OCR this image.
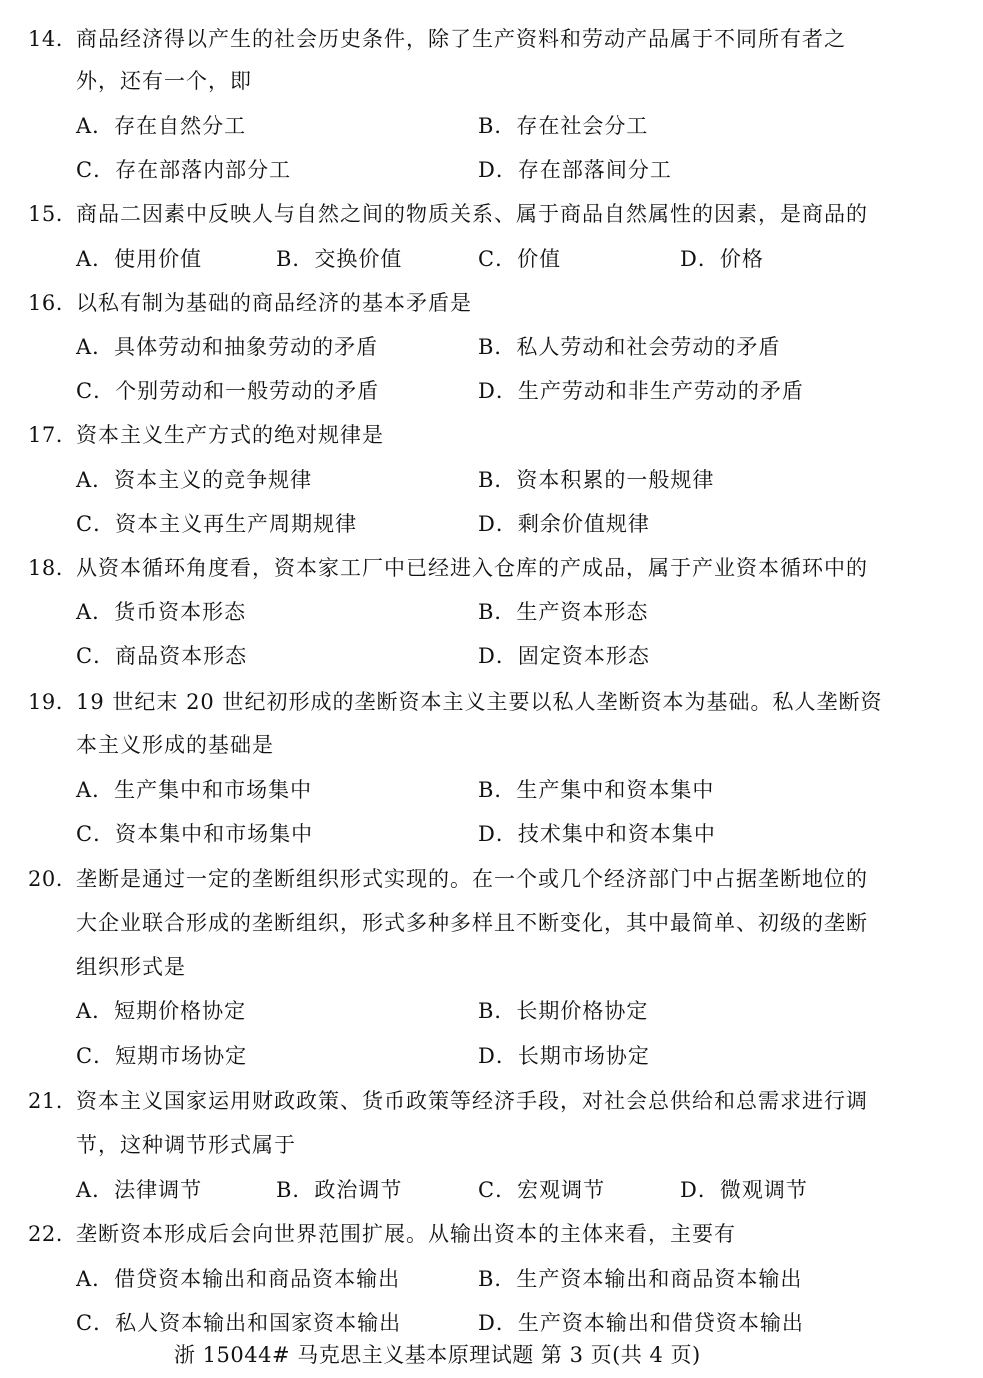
14. 商品经济得以产生的社会历史条件，除了生产资料和劳动产品属于不同所有者之
外，还有一个，即
A．存在自然分工	B．存在社会分工
C．存在部落内部分工	D．存在部落间分工
15. 商品二因素中反映人与自然之间的物质关系、属于商品自然属性的因素，是商品的
A．使用价值	B．交换价值	C．价值	D．价格
16. 以私有制为基础的商品经济的基本矛盾是
A．具体劳动和抽象劳动的矛盾	B．私人劳动和社会劳动的矛盾
C．个别劳动和一般劳动的矛盾	D．生产劳动和非生产劳动的矛盾
17. 资本主义生产方式的绝对规律是
A．资本主义的竞争规律	B．资本积累的一般规律
C．资本主义再生产周期规律	D．剩余价值规律
18. 从资本循环角度看，资本家工厂中已经进入仓库的产成品，属于产业资本循环中的
A．货币资本形态	B．生产资本形态
C．商品资本形态	D．固定资本形态
19. 19 世纪末 20 世纪初形成的垄断资本主义主要以私人垄断资本为基础。私人垄断资
本主义形成的基础是
A．生产集中和市场集中	B．生产集中和资本集中
C．资本集中和市场集中	D．技术集中和资本集中
20. 垄断是通过一定的垄断组织形式实现的。在一个或几个经济部门中占据垄断地位的
大企业联合形成的垄断组织，形式多种多样且不断变化，其中最简单、初级的垄断
组织形式是
A．短期价格协定	B．长期价格协定
C．短期市场协定	D．长期市场协定
21. 资本主义国家运用财政政策、货币政策等经济手段，对社会总供给和总需求进行调
节，这种调节形式属于
A．法律调节	B．政治调节	C．宏观调节	D．微观调节
22. 垄断资本形成后会向世界范围扩展。从输出资本的主体来看，主要有
A．借贷资本输出和商品资本输出	B．生产资本输出和商品资本输出
C．私人资本输出和国家资本输出	D．生产资本输出和借贷资本输出
浙 15044# 马克思主义基本原理试题 第 3 页(共 4 页)
